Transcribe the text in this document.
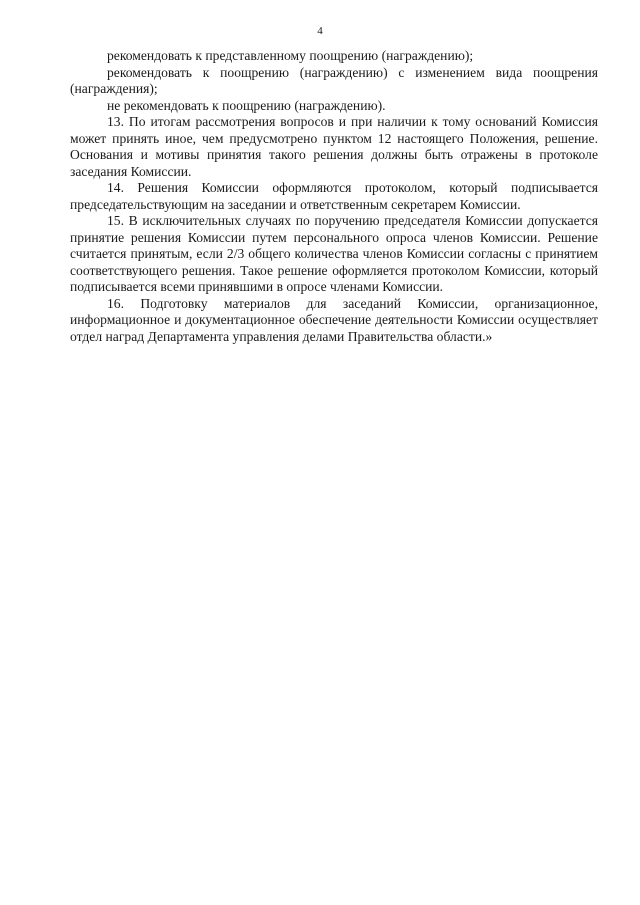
4

рекомендовать к представленному поощрению (награждению);

рекомендовать к поощрению (награждению) с изменением вида поощрения (награждения);

не рекомендовать к поощрению (награждению).

13. По итогам рассмотрения вопросов и при наличии к тому оснований Комиссия может принять иное, чем предусмотрено пунктом 12 настоящего Положения, решение. Основания и мотивы принятия такого решения должны быть отражены в протоколе заседания Комиссии.

14. Решения Комиссии оформляются протоколом, который подписывается председательствующим на заседании и ответственным секретарем Комиссии.

15. В исключительных случаях по поручению председателя Комиссии допускается принятие решения Комиссии путем персонального опроса членов Комиссии. Решение считается принятым, если 2/3 общего количества членов Комиссии согласны с принятием соответствующего решения. Такое решение оформляется протоколом Комиссии, который подписывается всеми принявшими в опросе членами Комиссии.

16. Подготовку материалов для заседаний Комиссии, организационное, информационное и документационное обеспечение деятельности Комиссии осуществляет отдел наград Департамента управления делами Правительства области.»
